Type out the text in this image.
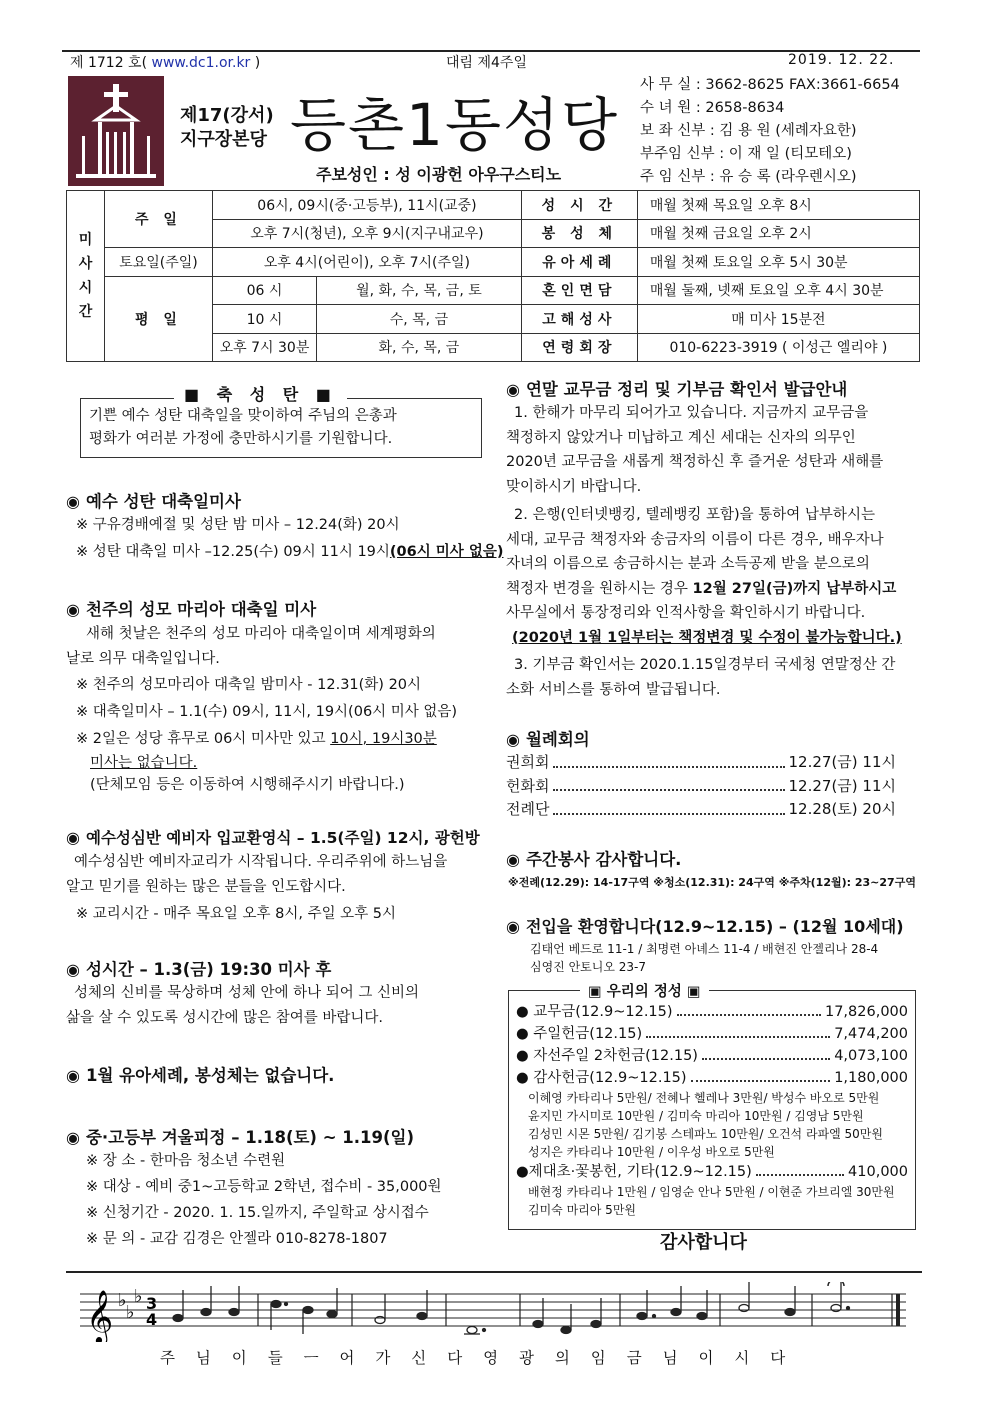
제 1712 호( www.dc1.or.kr )	대림 제4주일	2019. 12. 22.
제17(강서)
지구장본당 등촌1동성당
주보성인 : 성 이광헌 아우구스티노
사 무 실 : 3662-8625 FAX:3661-6654
수 녀 원 : 2658-8634
보 좌 신부 : 김 용 원 (세례자요한)
부주임 신부 : 이 재 일 (티모테오)
주 임 신부 : 유 승 록 (라우렌시오)
미
사
시
간	주 일	06시, 09시(중·고등부), 11시(교중)		성 시 간	매월 첫째 목요일 오후 8시
		오후 7시(청년), 오후 9시(지구내교우)		봉 성 체	매월 첫째 금요일 오후 2시
	토요일(주일)	오후 4시(어린이), 오후 7시(주일)		유아세례	매월 첫째 토요일 오후 5시 30분
	평 일	06 시	월, 화, 수, 목, 금, 토	혼인면담	매월 둘째, 넷째 토요일 오후 4시 30분
		10 시	수, 목, 금	고해성사	매 미사 15분전
		오후 7시 30분	화, 수, 목, 금	연령회장	010-6223-3919 ( 이성근 엘리야 )
기쁜 예수 성탄 대축일을 맞이하여 주님의 은총과
평화가 여러분 가정에 충만하시기를 기원합니다.
■ 축 성 탄 ■
◉ 예수 성탄 대축일미사
※ 구유경배예절 및 성탄 밤 미사 – 12.24(화) 20시
※ 성탄 대축일 미사 –12.25(수) 09시 11시 19시(06시 미사 없음)
◉ 천주의 성모 마리아 대축일 미사
새해 첫날은 천주의 성모 마리아 대축일이며 세계평화의
날로 의무 대축일입니다.
※ 천주의 성모마리아 대축일 밤미사 - 12.31(화) 20시
※ 대축일미사 – 1.1(수) 09시, 11시, 19시(06시 미사 없음)
※ 2일은 성당 휴무로 06시 미사만 있고 10시, 19시30분
미사는 없습니다.
(단체모임 등은 이동하여 시행해주시기 바랍니다.)
◉ 예수성심반 예비자 입교환영식 – 1.5(주일) 12시, 광헌방
예수성심반 예비자교리가 시작됩니다. 우리주위에 하느님을
알고 믿기를 원하는 많은 분들을 인도합시다.
※ 교리시간 - 매주 목요일 오후 8시, 주일 오후 5시
◉ 성시간 – 1.3(금) 19:30 미사 후
성체의 신비를 묵상하며 성체 안에 하나 되어 그 신비의
삶을 살 수 있도록 성시간에 많은 참여를 바랍니다.
◉ 1월 유아세례, 봉성체는 없습니다.
◉ 중·고등부 겨울피정 – 1.18(토) ~ 1.19(일)
※ 장 소 - 한마음 청소년 수련원
※ 대상 - 예비 중1~고등학교 2학년, 접수비 - 35,000원
※ 신청기간 - 2020. 1. 15.일까지, 주일학교 상시접수
※ 문 의 - 교감 김경은 안젤라 010-8278-1807
◉ 연말 교무금 정리 및 기부금 확인서 발급안내
1. 한해가 마무리 되어가고 있습니다. 지금까지 교무금을
책정하지 않았거나 미납하고 계신 세대는 신자의 의무인
2020년 교무금을 새롭게 책정하신 후 즐거운 성탄과 새해를
맞이하시기 바랍니다.
2. 은행(인터넷뱅킹, 텔레뱅킹 포함)을 통하여 납부하시는
세대, 교무금 책정자와 송금자의 이름이 다른 경우, 배우자나
자녀의 이름으로 송금하시는 분과 소득공제 받을 분으로의
책정자 변경을 원하시는 경우 12월 27일(금)까지 납부하시고
사무실에서 통장정리와 인적사항을 확인하시기 바랍니다.
(2020년 1월 1일부터는 책정변경 및 수정이 불가능합니다.)
3. 기부금 확인서는 2020.1.15일경부터 국세청 연말정산 간
소화 서비스를 통하여 발급됩니다.
◉ 월례회의
권희회	12.27(금) 11시
헌화회	12.27(금) 11시
전례단	12.28(토) 20시
◉ 주간봉사 감사합니다.
※전례(12.29): 14-17구역 ※청소(12.31): 24구역 ※주차(12월): 23~27구역
◉ 전입을 환영합니다(12.9~12.15) – (12월 10세대)
김태언 베드로 11-1 / 최명련 아녜스 11-4 / 배현진 안젤리나 28-4
심영진 안토니오 23-7
▣ 우리의 정성 ▣
● 교무금(12.9~12.15)	17,826,000
● 주일헌금(12.15)	7,474,200
● 자선주일 2차헌금(12.15)	4,073,100
● 감사헌금(12.9~12.15)	1,180,000
이혜영 카타리나 5만원/ 전혜나 헬레나 3만원/ 박성수 바오로 5만원
윤지민 가시미로 10만원 / 김미숙 마리아 10만원 / 김영남 5만원
김성민 시몬 5만원/ 김기봉 스테파노 10만원/ 오건석 라파엘 50만원
성지은 카타리나 10만원 / 이우성 바오로 5만원
●제대초·꽃봉헌, 기타(12.9~12.15)	410,000
배현정 카타리나 1만원 / 임영순 안나 5만원 / 이현준 가브리엘 30만원
김미숙 마리아 5만원
감사합니다
𝄞 ♭
♭
♭ 3
4
주 님 이 들 ㅡ 어 가 신 다 영 광 의 임 금 님 이 시 다
